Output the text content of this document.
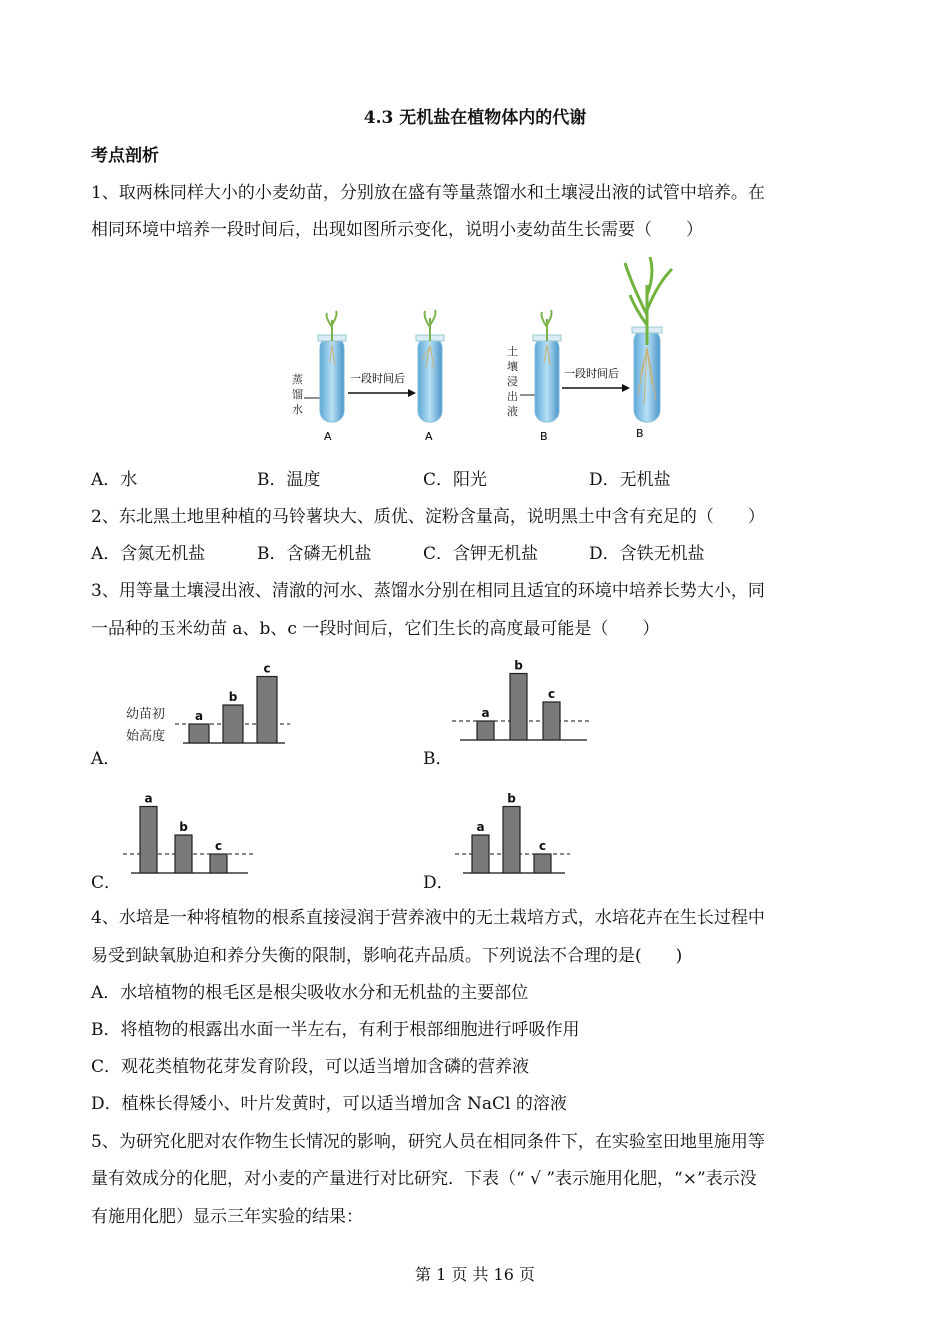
4.3 无机盐在植物体内的代谢
考点剖析
1、取两株同样大小的小麦幼苗，分别放在盛有等量蒸馏水和土壤浸出液的试管中培养。在
相同环境中培养一段时间后，出现如图所示变化，说明小麦幼苗生长需要（　　）
蒸
馏
水
A
一段时间后
A
土
壤
浸
出
液
B
一段时间后
B
A．水	B．温度	C．阳光	D．无机盐
2、东北黑土地里种植的马铃薯块大、质优、淀粉含量高，说明黑土中含有充足的（　　）
A．含氮无机盐	B．含磷无机盐	C．含钾无机盐	D．含铁无机盐
3、用等量土壤浸出液、清澈的河水、蒸馏水分别在相同且适宜的环境中培养长势大小，同
一品种的玉米幼苗 a、b、c 一段时间后，它们生长的高度最可能是（　　）
A．	B．
C．	D．
幼苗初
始高度
a
b
c
a
b
c
a
b
c
a
b
c
4、水培是一种将植物的根系直接浸润于营养液中的无土栽培方式，水培花卉在生长过程中
易受到缺氧胁迫和养分失衡的限制，影响花卉品质。下列说法不合理的是(　　)
A．水培植物的根毛区是根尖吸收水分和无机盐的主要部位
B．将植物的根露出水面一半左右，有利于根部细胞进行呼吸作用
C．观花类植物花芽发育阶段，可以适当增加含磷的营养液
D．植株长得矮小、叶片发黄时，可以适当增加含 NaCl 的溶液
5、为研究化肥对农作物生长情况的影响，研究人员在相同条件下，在实验室田地里施用等
量有效成分的化肥，对小麦的产量进行对比研究．下表（“ √ ”表示施用化肥，“×”表示没
有施用化肥）显示三年实验的结果：
第 1 页 共 16 页
